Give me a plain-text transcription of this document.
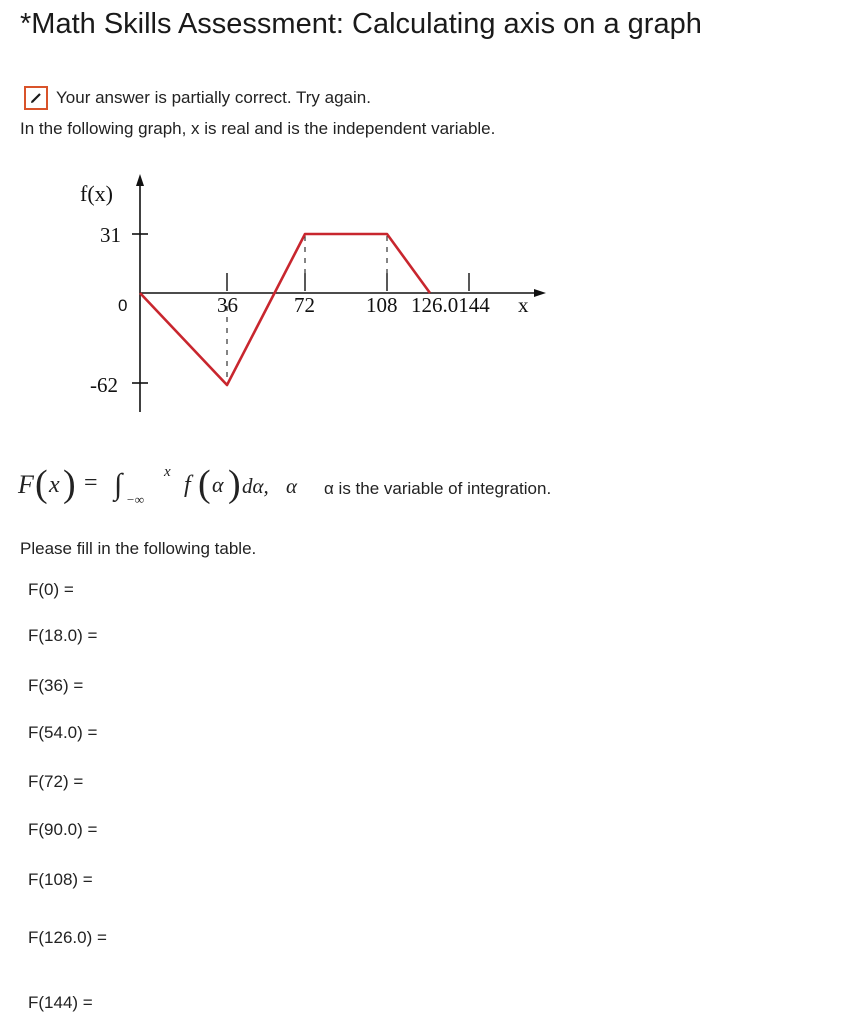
*Math Skills Assessment: Calculating axis on a graph
Your answer is partially correct. Try again.
In the following graph, x is real and is the independent variable.
f(x)
31
-62
0	36	72 108 126.0144 x
F ( x ) = ∫ −∞
x f ( α ) dα, α α is the variable of integration.
Please fill in the following table.
F(0) =
F(18.0) =
F(36) =
F(54.0) =
F(72) =
F(90.0) =
F(108) =
F(126.0) =
F(144) =
